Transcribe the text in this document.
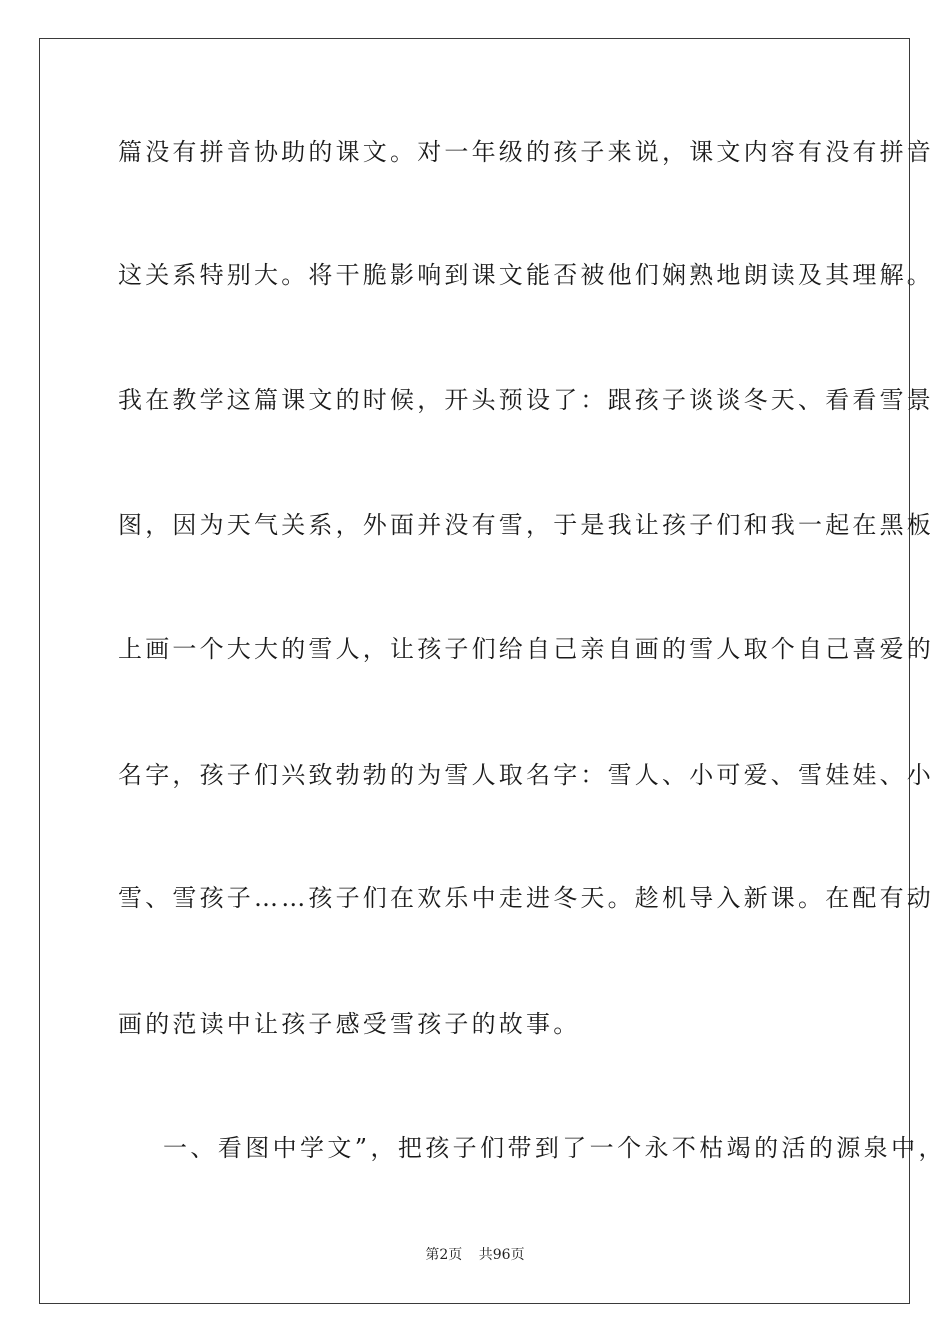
篇没有拼音协助的课文。对一年级的孩子来说，课文内容有没有拼音
这关系特别大。将干脆影响到课文能否被他们娴熟地朗读及其理解。
我在教学这篇课文的时候，开头预设了：跟孩子谈谈冬天、看看雪景
图，因为天气关系，外面并没有雪，于是我让孩子们和我一起在黑板
上画一个大大的雪人，让孩子们给自己亲自画的雪人取个自己喜爱的
名字，孩子们兴致勃勃的为雪人取名字：雪人、小可爱、雪娃娃、小
雪、雪孩子……孩子们在欢乐中走进冬天。趁机导入新课。在配有动
画的范读中让孩子感受雪孩子的故事。
一、看图中学文”，把孩子们带到了一个永不枯竭的活的源泉中，
第2页 共96页
